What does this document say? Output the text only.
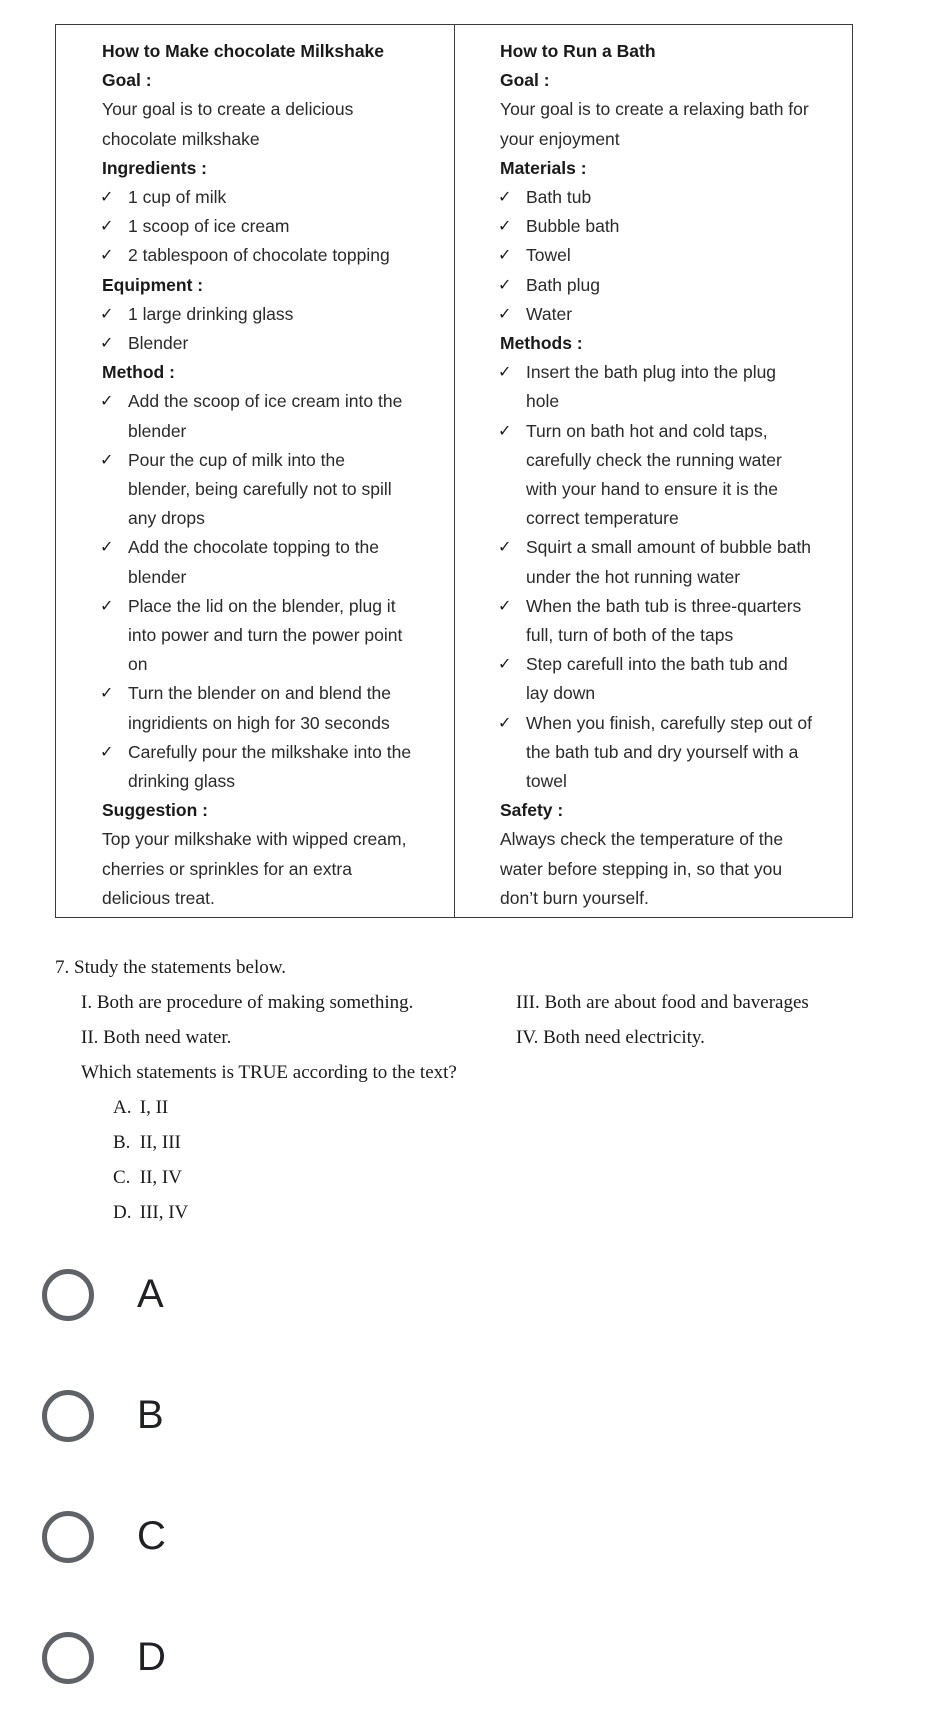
How to Make chocolate Milkshake
Goal :
Your goal is to create a delicious
chocolate milkshake
Ingredients :
✓ 1 cup of milk
✓ 1 scoop of ice cream
✓ 2 tablespoon of chocolate topping
Equipment :
✓ 1 large drinking glass
✓ Blender
Method :
✓ Add the scoop of ice cream into the
blender
✓ Pour the cup of milk into the
blender, being carefully not to spill
any drops
✓ Add the chocolate topping to the
blender
✓ Place the lid on the blender, plug it
into power and turn the power point
on
✓ Turn the blender on and blend the
ingridients on high for 30 seconds
✓ Carefully pour the milkshake into the
drinking glass
Suggestion :
Top your milkshake with wipped cream,
cherries or sprinkles for an extra
delicious treat.
How to Run a Bath
Goal :
Your goal is to create a relaxing bath for
your enjoyment
Materials :
✓ Bath tub
✓ Bubble bath
✓ Towel
✓ Bath plug
✓ Water
Methods :
✓ Insert the bath plug into the plug
hole
✓ Turn on bath hot and cold taps,
carefully check the running water
with your hand to ensure it is the
correct temperature
✓ Squirt a small amount of bubble bath
under the hot running water
✓ When the bath tub is three-quarters
full, turn of both of the taps
✓ Step carefull into the bath tub and
lay down
✓ When you finish, carefully step out of
the bath tub and dry yourself with a
towel
Safety :
Always check the temperature of the
water before stepping in, so that you
don’t burn yourself.
7. Study the statements below.
I. Both are procedure of making something.	III. Both are about food and baverages
II. Both need water.	IV. Both need electricity.
Which statements is TRUE according to the text?
A. I, II
B. II, III
C. II, IV
D. III, IV
A
B
C
D
